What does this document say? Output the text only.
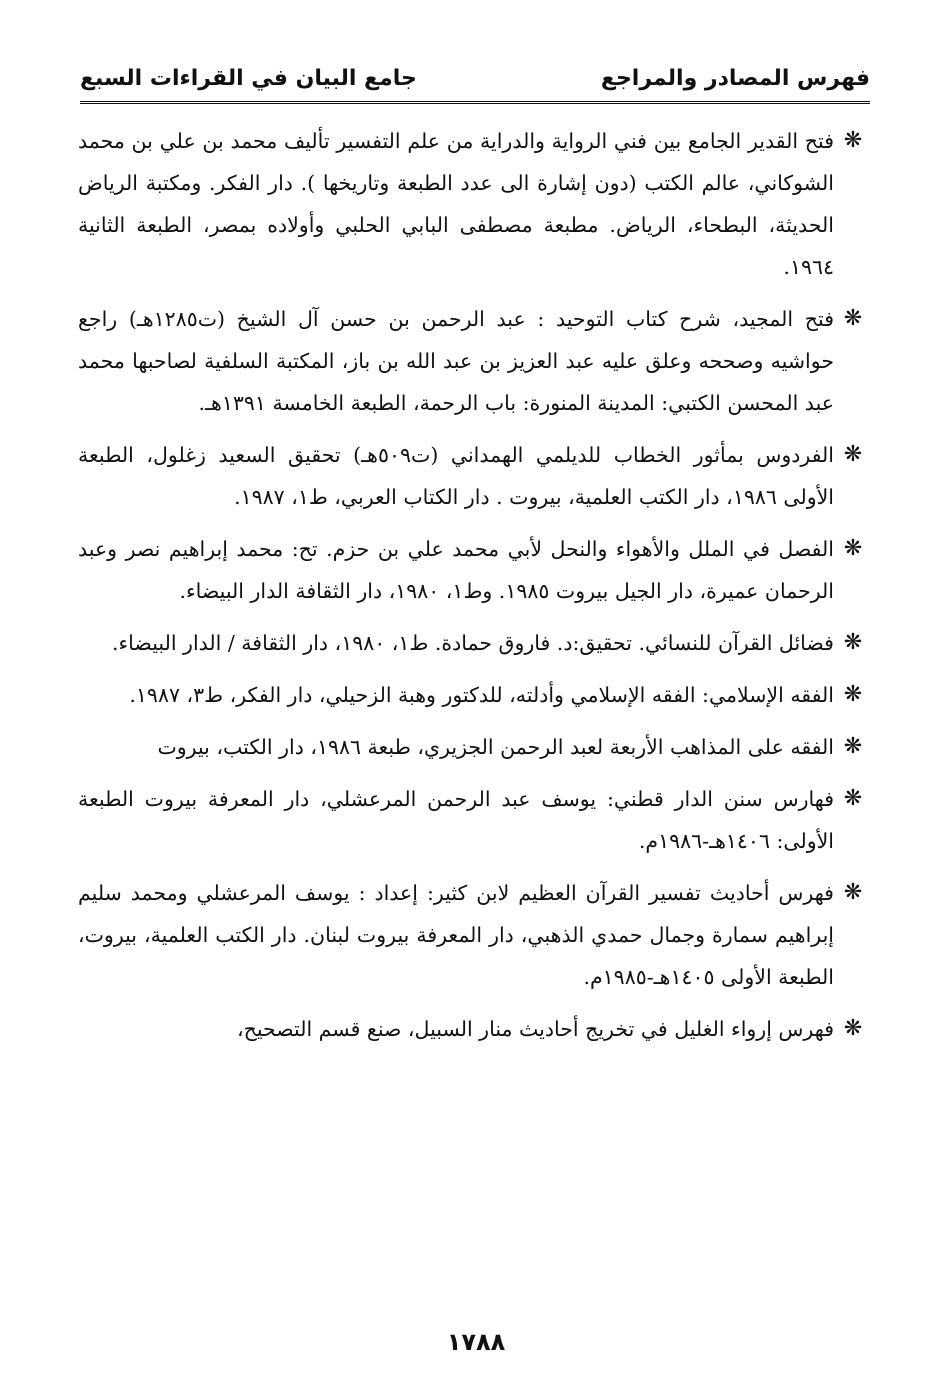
فهرس المصادر والمراجع
جامع البيان في القراءات السبع
❋
فتح القدير الجامع بين فني الرواية والدراية من علم التفسير تأليف محمد بن علي بن محمد الشوكاني، عالم الكتب (دون إشارة الى عدد الطبعة وتاريخها ). دار الفكر. ومكتبة الرياض الحديثة، البطحاء، الرياض. مطبعة مصطفى البابي الحلبي وأولاده بمصر، الطبعة الثانية ١٩٦٤.
❋
فتح المجيد، شرح كتاب التوحيد : عبد الرحمن بن حسن آل الشيخ (ت١٢٨٥هـ) راجع حواشيه وصححه وعلق عليه عبد العزيز بن عبد الله بن باز، المكتبة السلفية لصاحبها محمد عبد المحسن الكتبي: المدينة المنورة: باب الرحمة، الطبعة الخامسة ١٣٩١هـ.
❋
الفردوس بمأثور الخطاب للديلمي الهمداني (ت٥٠٩هـ) تحقيق السعيد زغلول، الطبعة الأولى ١٩٨٦، دار الكتب العلمية، بيروت . دار الكتاب العربي، ط١، ١٩٨٧.
❋
الفصل في الملل والأهواء والنحل لأبي محمد علي بن حزم. تح: محمد إبراهيم نصر وعبد الرحمان عميرة، دار الجيل بيروت ١٩٨٥. وط١، ١٩٨٠، دار الثقافة الدار البيضاء.
❋
فضائل القرآن للنسائي. تحقيق:د. فاروق حمادة. ط١، ١٩٨٠، دار الثقافة / الدار البيضاء.
❋
الفقه الإسلامي: الفقه الإسلامي وأدلته، للدكتور وهبة الزحيلي، دار الفكر، ط٣، ١٩٨٧.
❋
الفقه على المذاهب الأربعة لعبد الرحمن الجزيري، طبعة ١٩٨٦، دار الكتب، بيروت
❋
فهارس سنن الدار قطني: يوسف عبد الرحمن المرعشلي، دار المعرفة بيروت الطبعة الأولى: ١٤٠٦هـ-١٩٨٦م.
❋
فهرس أحاديث تفسير القرآن العظيم لابن كثير: إعداد : يوسف المرعشلي ومحمد سليم إبراهيم سمارة وجمال حمدي الذهبي، دار المعرفة بيروت لبنان. دار الكتب العلمية، بيروت، الطبعة الأولى ١٤٠٥هـ-١٩٨٥م.
❋
فهرس إرواء الغليل في تخريج أحاديث منار السبيل، صنع قسم التصحيح،
١٧٨٨
